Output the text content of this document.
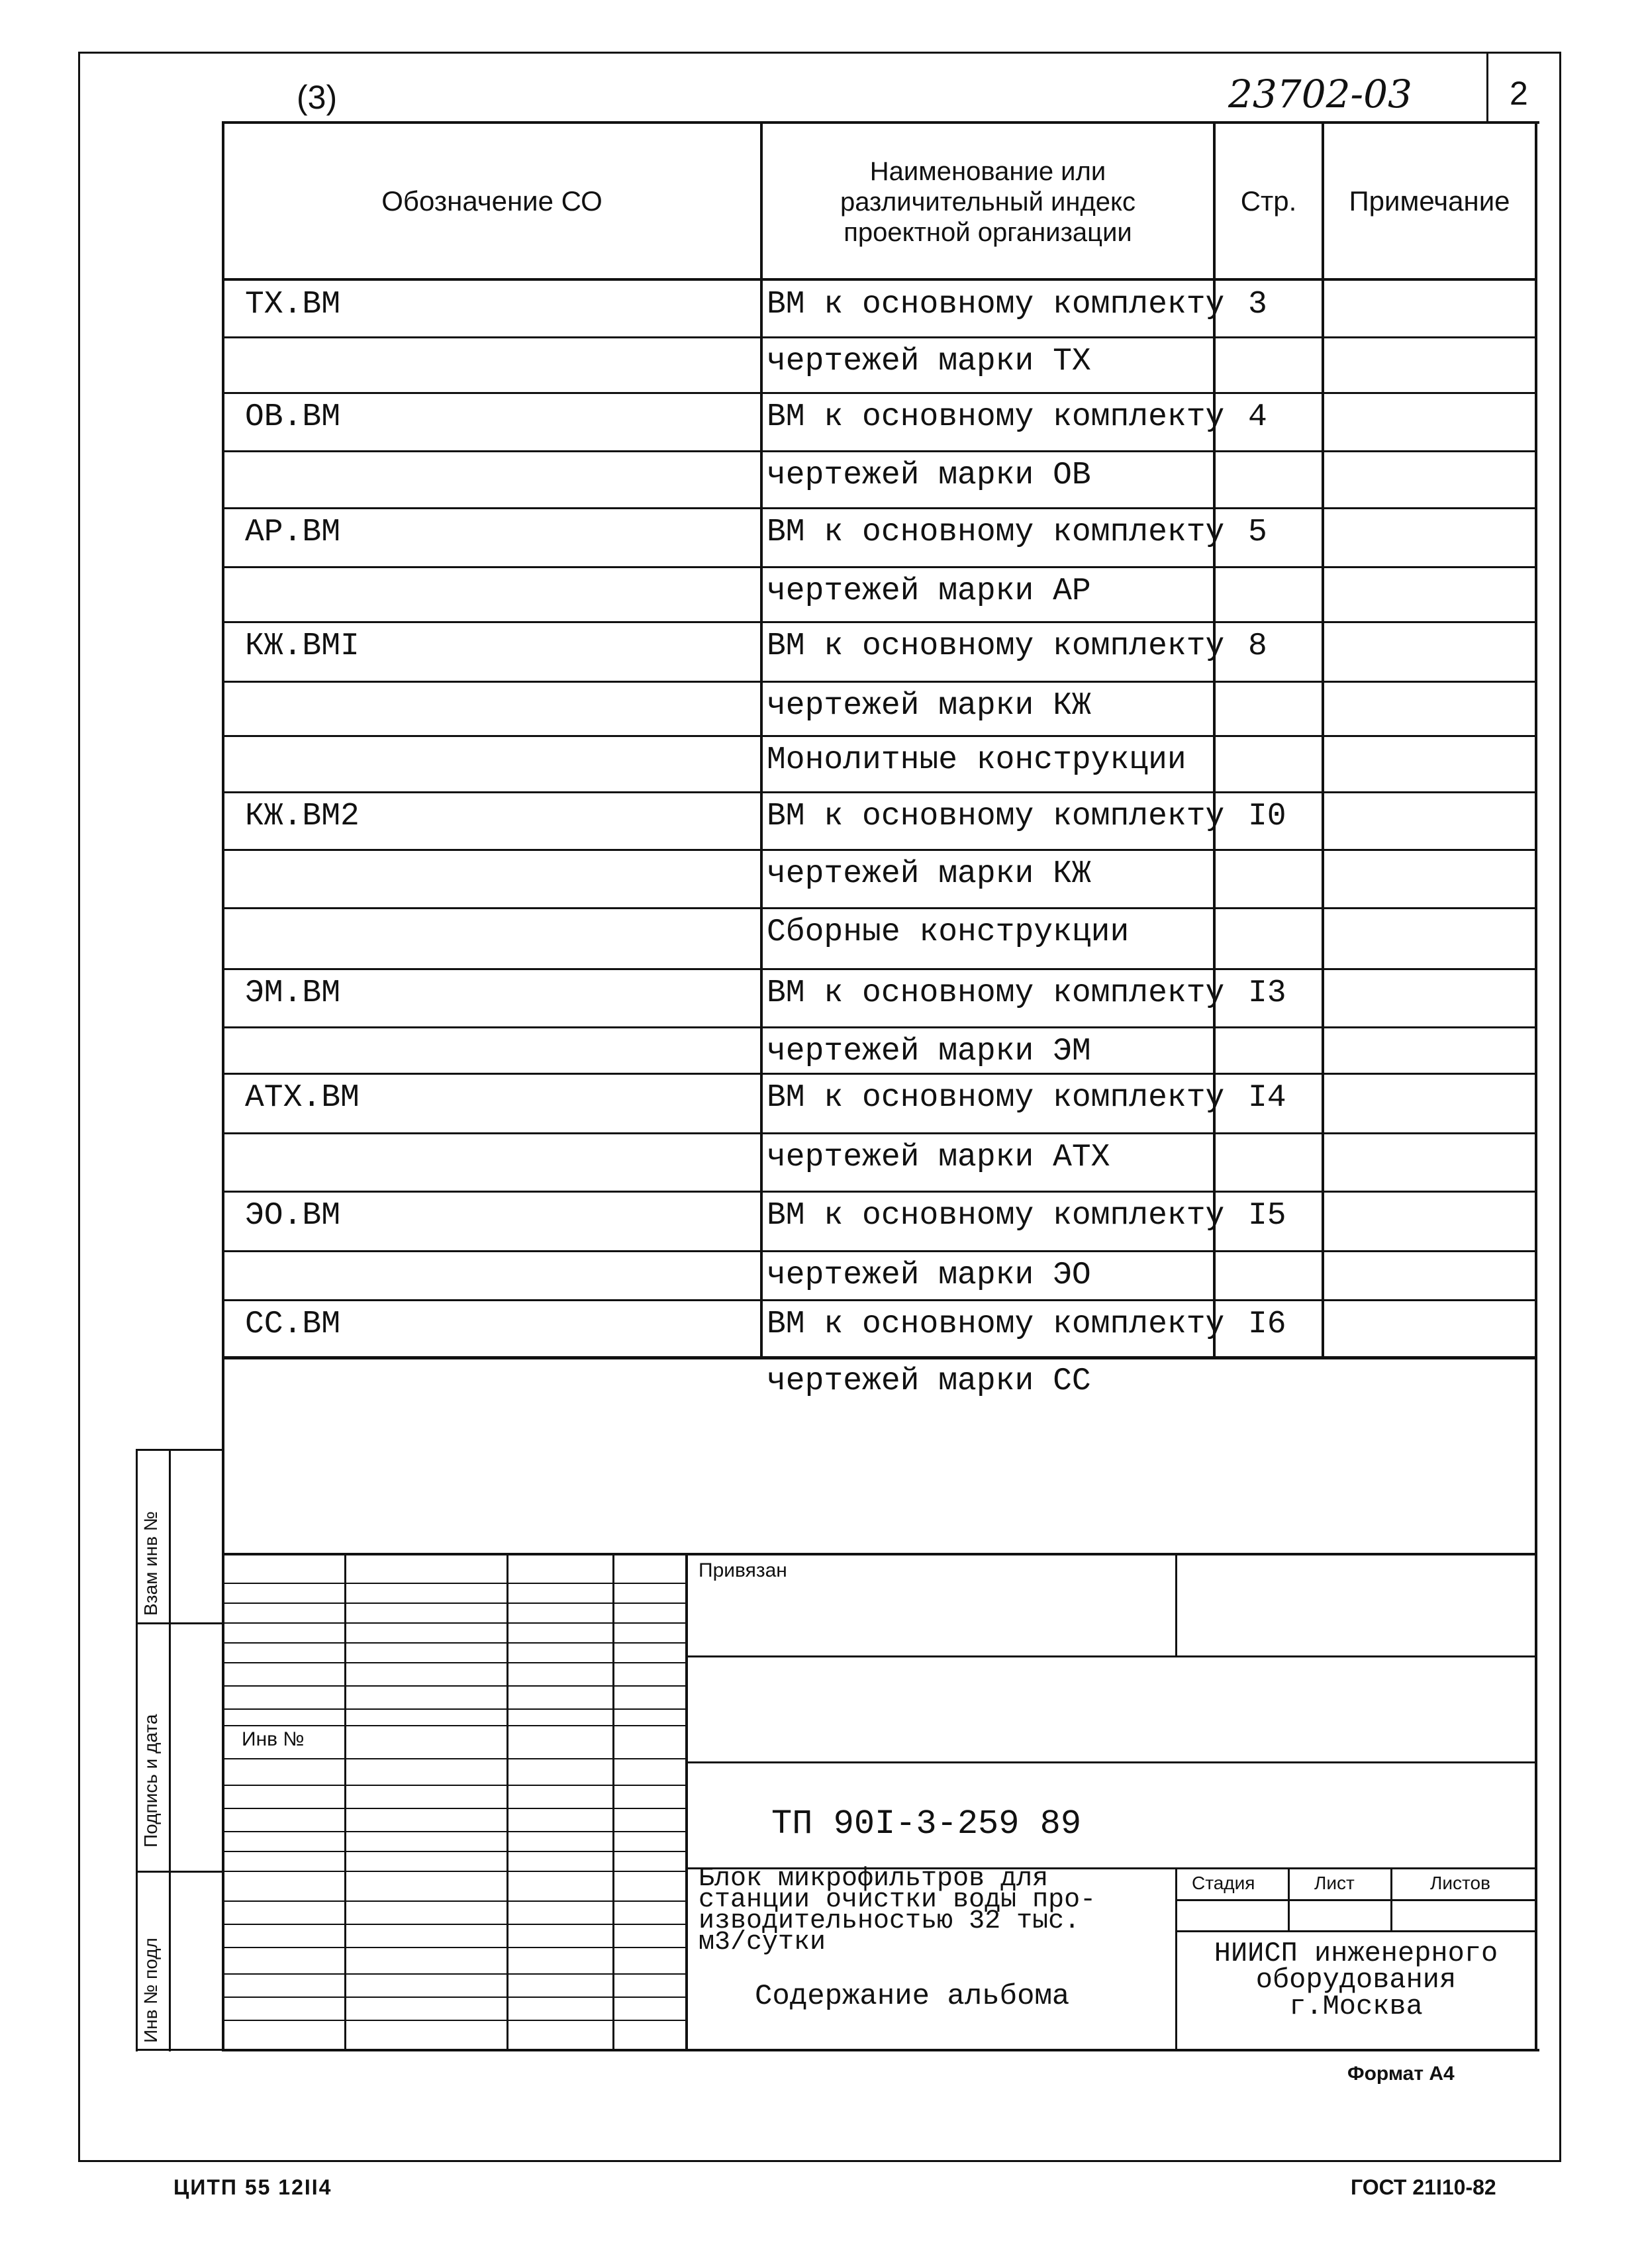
(3)	23702-03	2
Обозначение СО
Наименование или различительный индекс проектной организации
Стр.	Примечание
ТХ.ВМ	ВМ к основному комплекту 3
чертежей марки ТХ
ОВ.ВМ	ВМ к основному комплекту 4
чертежей марки ОВ
АР.ВМ	ВМ к основному комплекту 5
чертежей марки АР
КЖ.ВМI	ВМ к основному комплекту 8
чертежей марки КЖ
Монолитные конструкции
КЖ.ВМ2	ВМ к основному комплекту I0
чертежей марки КЖ
Сборные конструкции
ЭМ.ВМ	ВМ к основному комплекту I3
чертежей марки ЭМ
АТХ.ВМ	ВМ к основному комплекту I4
чертежей марки АТХ
ЭО.ВМ	ВМ к основному комплекту I5
чертежей марки ЭО
СС.ВМ	ВМ к основному комплекту I6
чертежей марки СС
Взам инв №
Подпись и дата
Инв № подл
Привязан
Инв №
ТП 90I-3-259 89
Блок микрофильтров для
станции очистки воды про-
изводительностью 32 тыс.
м3/сутки
Содержание альбома
Стадия	Лист	Листов
НИИСП инженерного
оборудования
г.Москва
Формат А4
ЦИТП 55 12II4	ГОСТ 21I10-82
